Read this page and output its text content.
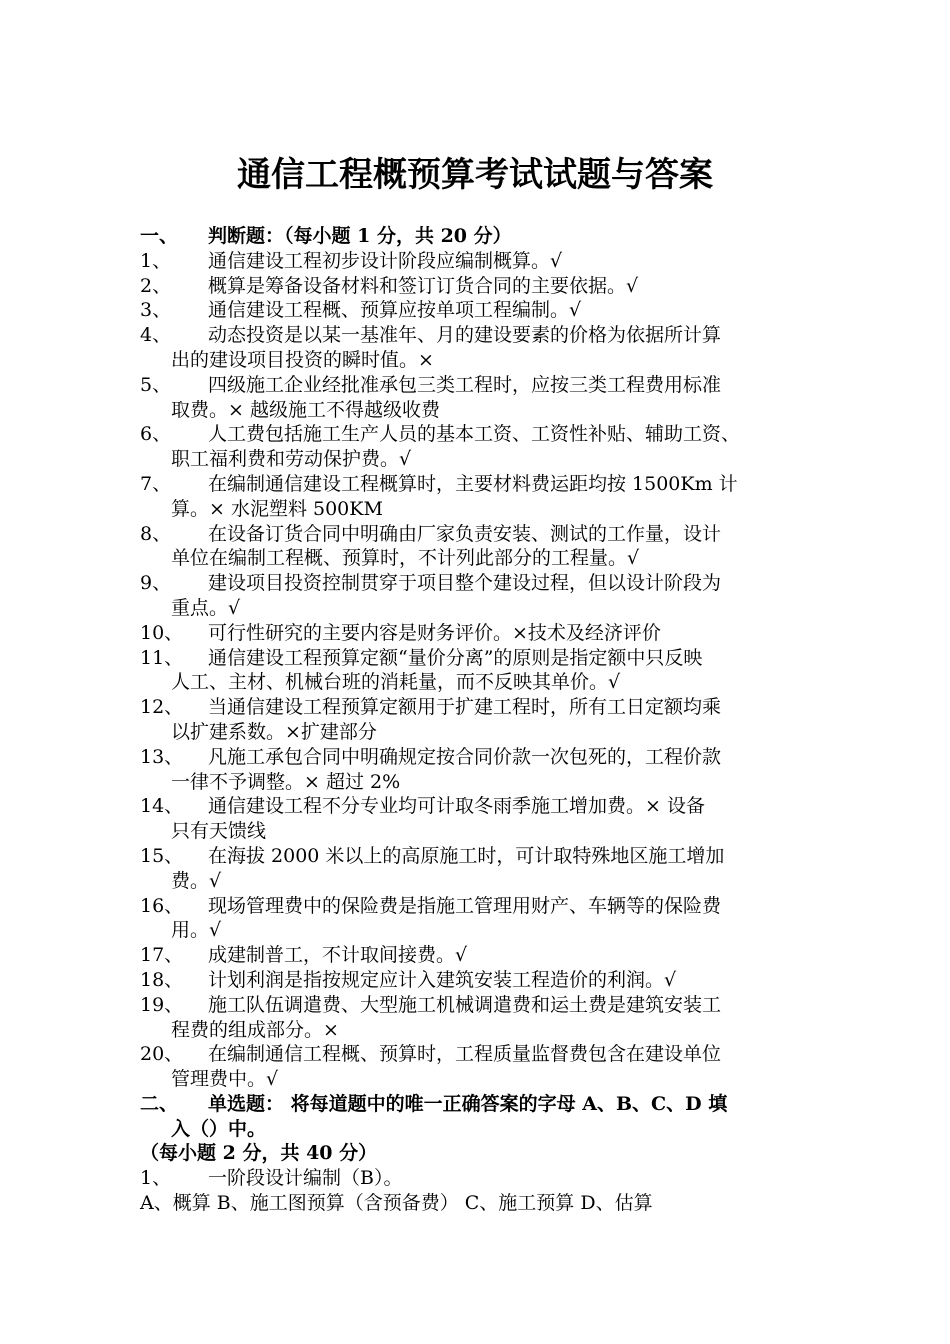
通信工程概预算考试试题与答案
一、	判断题：（每小题 1 分，共 20 分）
1、	通信建设工程初步设计阶段应编制概算。√
2、	概算是筹备设备材料和签订订货合同的主要依据。√
3、	通信建设工程概、预算应按单项工程编制。√
4、	动态投资是以某一基准年、月的建设要素的价格为依据所计算
出的建设项目投资的瞬时值。×
5、	四级施工企业经批准承包三类工程时，应按三类工程费用标准
取费。× 越级施工不得越级收费
6、	人工费包括施工生产人员的基本工资、工资性补贴、辅助工资、
职工福利费和劳动保护费。√
7、	在编制通信建设工程概算时，主要材料费运距均按 1500Km 计
算。× 水泥塑料 500KM
8、	在设备订货合同中明确由厂家负责安装、测试的工作量，设计
单位在编制工程概、预算时，不计列此部分的工程量。√
9、	建设项目投资控制贯穿于项目整个建设过程，但以设计阶段为
重点。√
10、	可行性研究的主要内容是财务评价。×技术及经济评价
11、	通信建设工程预算定额“量价分离”的原则是指定额中只反映
人工、主材、机械台班的消耗量，而不反映其单价。√
12、	当通信建设工程预算定额用于扩建工程时，所有工日定额均乘
以扩建系数。×扩建部分
13、	凡施工承包合同中明确规定按合同价款一次包死的，工程价款
一律不予调整。× 超过 2%
14、	通信建设工程不分专业均可计取冬雨季施工增加费。× 设备
只有天馈线
15、	在海拔 2000 米以上的高原施工时，可计取特殊地区施工增加
费。√
16、	现场管理费中的保险费是指施工管理用财产、车辆等的保险费
用。√
17、	成建制普工，不计取间接费。√
18、	计划利润是指按规定应计入建筑安装工程造价的利润。√
19、	施工队伍调遣费、大型施工机械调遣费和运土费是建筑安装工
程费的组成部分。×
20、	在编制通信工程概、预算时，工程质量监督费包含在建设单位
管理费中。√
二、	单选题： 将每道题中的唯一正确答案的字母 A、B、C、D 填
入（）中。
（每小题 2 分，共 40 分）
1、	一阶段设计编制（B）。
A、概算 B、施工图预算（含预备费） C、施工预算 D、估算
